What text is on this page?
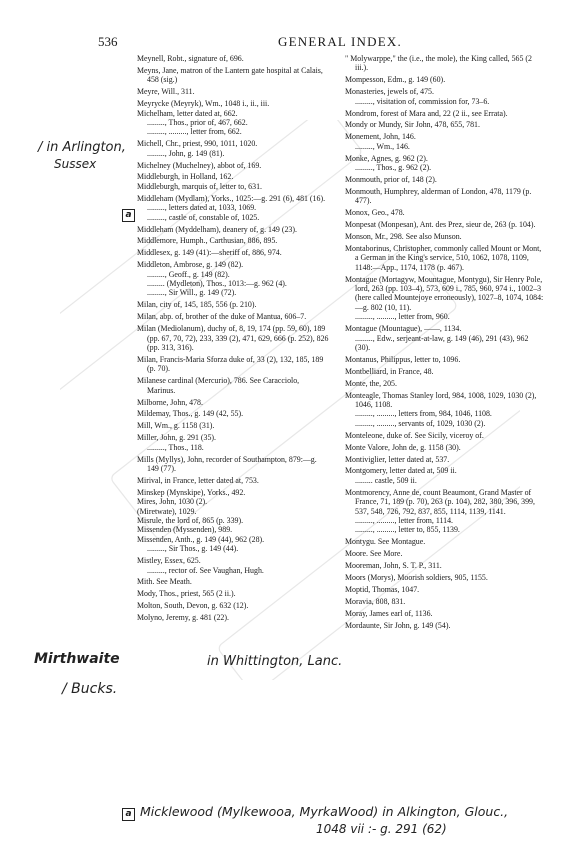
536	GENERAL INDEX.

Meynell, Robt., signature of, 696.

Meyns, Jane, matron of the Lantern gate hospital at Calais, 458 (sig.)

Meyre, Will., 311.

Meyrycke (Meyryk), Wm., 1048 i., ii., iii.

Michelham, letter dated at, 662.

........., Thos., prior of, 467, 662.

........., ........., letter from, 662.

Michell, Chr., priest, 990, 1011, 1020.

........., John, g. 149 (81).

Michelney (Muchelney), abbot of, 169.

Middleburgh, in Holland, 162.

Middleburgh, marquis of, letter to, 631.

Middleham (Mydlam), Yorks., 1025:—g. 291 (6), 481 (16).

........., letters dated at, 1033, 1069.

........., castle of, constable of, 1025.

Middleham (Myddelham), deanery of, g. 149 (23).

Middlemore, Humph., Carthusian, 886, 895.

Middlesex, g. 149 (41):—sheriff of, 886, 974.

Middleton, Ambrose, g. 149 (82).

........., Geoff., g. 149 (82).

......... (Mydleton), Thos., 1013:—g. 962 (4).

........., Sir Will., g. 149 (72).

Milan, city of, 145, 185, 556 (p. 210).

Milan, abp. of, brother of the duke of Mantua, 606–7.

Milan (Mediolanum), duchy of, 8, 19, 174 (pp. 59, 60), 189 (pp. 67, 70, 72), 233, 339 (2), 471, 629, 666 (p. 252), 826 (pp. 313, 316).

Milan, Francis-Maria Sforza duke of, 33 (2), 132, 185, 189 (p. 70).

Milanese cardinal (Mercurio), 786. See Caracciolo, Marinus.

Milborne, John, 478.

Mildemay, Thos., g. 149 (42, 55).

Mill, Wm., g. 1158 (31).

Miller, John, g. 291 (35).

........., Thos., 118.

Mills (Myllys), John, recorder of Southampton, 879:—g. 149 (77).

Mirival, in France, letter dated at, 753.

Minskep (Mynskipe), Yorks., 492.

Mires, John, 1030 (2).

(Miretwate), 1029.

Misrule, the lord of, 865 (p. 339).

Missenden (Myssenden), 989.

Missenden, Anth., g. 149 (44), 962 (28).

........., Sir Thos., g. 149 (44).

Mistley, Essex, 625.

........., rector of. See Vaughan, Hugh.

Mith. See Meath.

Mody, Thos., priest, 565 (2 ii.).

Molton, South, Devon, g. 632 (12).

Molyno, Jeremy, g. 481 (22).

" Molywarppe," the (i.e., the mole), the King called, 565 (2 iii.).

Mompesson, Edm., g. 149 (60).

Monasteries, jewels of, 475.

........., visitation of, commission for, 73–6.

Mondrom, forest of Mara and, 22 (2 ii., see Errata).

Mondy or Mundy, Sir John, 478, 655, 781.

Monement, John, 146.

........., Wm., 146.

Monke, Agnes, g. 962 (2).

........., Thos., g. 962 (2).

Monmouth, prior of, 148 (2).

Monmouth, Humphrey, alderman of London, 478, 1179 (p. 477).

Monox, Geo., 478.

Monpesat (Monpesan), Ant. des Prez, sieur de, 263 (p. 104).

Monson, Mr., 298. See also Munson.

Montaborinus, Christopher, commonly called Mount or Mont, a German in the King's service, 510, 1062, 1078, 1109, 1148:—App., 1174, 1178 (p. 467).

Montague (Mortagyw, Mountague, Montygu), Sir Henry Pole, lord, 263 (pp. 103–4), 573, 609 i., 785, 960, 974 i., 1002–3 (here called Mountejoye erroneously), 1027–8, 1074, 1084:—g. 802 (10, 11).

........., ........., letter from, 960.

Montague (Mountague), ——, 1134.

........., Edw., serjeant-at-law, g. 149 (46), 291 (43), 962 (30).

Montanus, Philippus, letter to, 1096.

Montbelliard, in France, 48.

Monte, the, 205.

Monteagle, Thomas Stanley lord, 984, 1008, 1029, 1030 (2), 1046, 1108.

........., ........., letters from, 984, 1046, 1108.

........., ........., servants of, 1029, 1030 (2).

Monteleone, duke of. See Sicily, viceroy of.

Monte Valore, John de, g. 1158 (30).

Montiviglier, letter dated at, 537.

Montgomery, letter dated at, 509 ii.

......... castle, 509 ii.

Montmorency, Anne de, count Beaumont, Grand Master of France, 71, 189 (p. 70), 263 (p. 104), 282, 380, 396, 399, 537, 548, 726, 792, 837, 855, 1114, 1139, 1141.

........., ........., letter from, 1114.

........., ........., letter to, 855, 1139.

Montygu. See Montague.

Moore. See More.

Mooreman, John, S. T. P., 311.

Moors (Morys), Moorish soldiers, 905, 1155.

Moptid, Thomas, 1047.

Moravia, 808, 831.

Moray, James earl of, 1136.

Mordaunte, Sir John, g. 149 (54).

/ in Arlington,
Sussex
a
Mirthwaite	in Whittington, Lanc.
/ Bucks.
a Micklewood (Mylkewooa, MyrkaWood) in Alkington, Glouc.,
1048 vii :- g. 291 (62)
